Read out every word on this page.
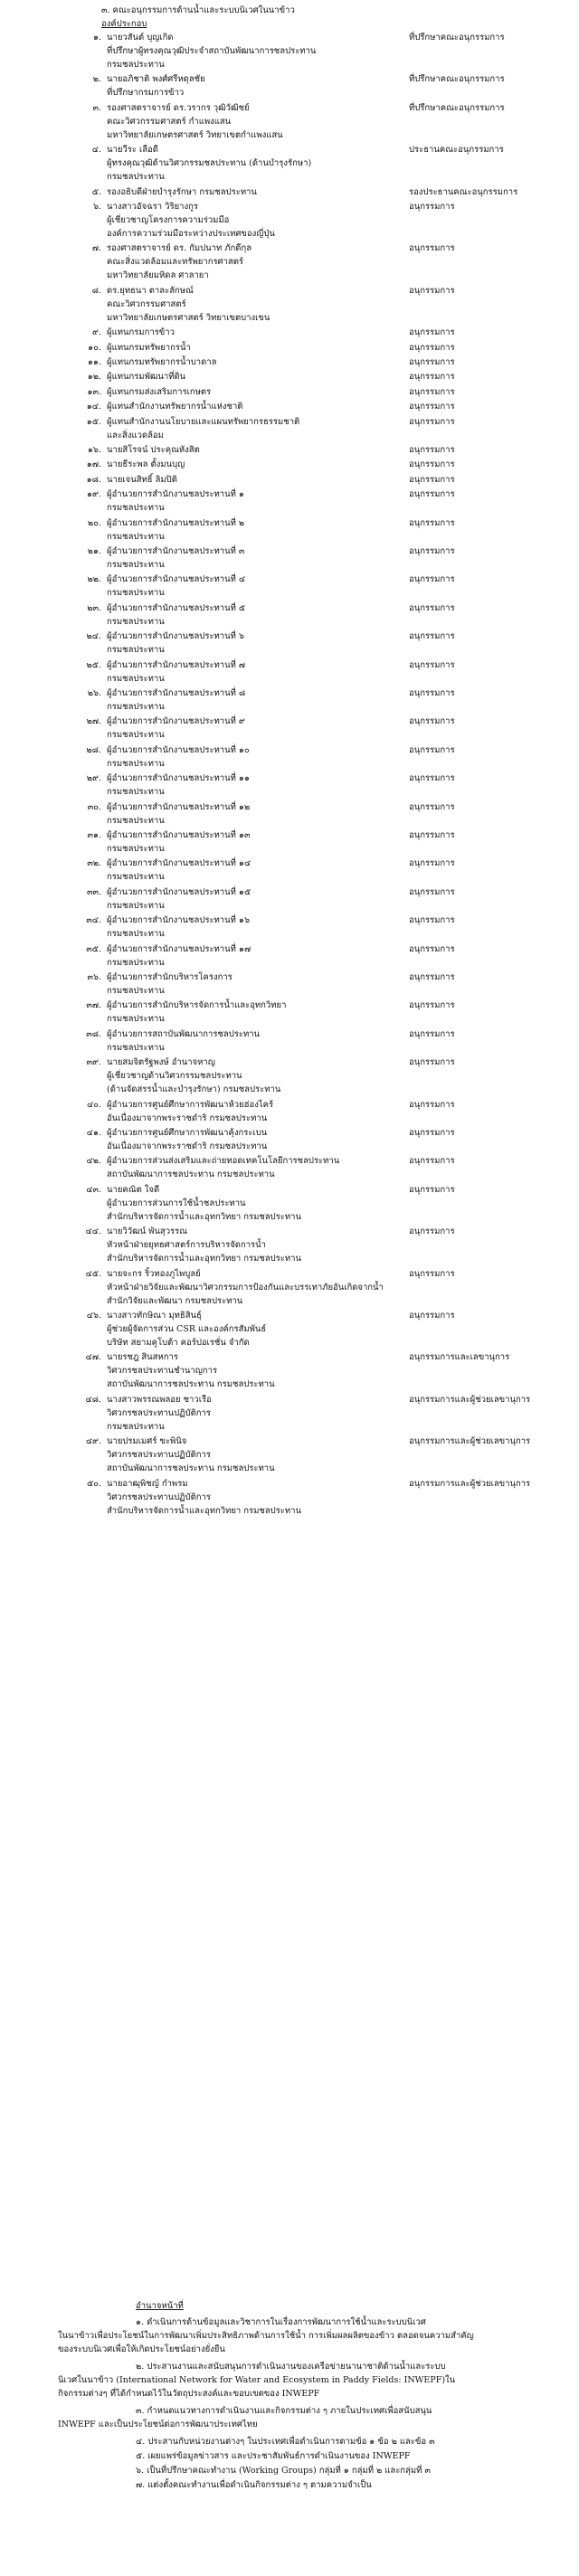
๓. คณะอนุกรรมการด้านน้ำและระบบนิเวศในนาข้าว
องค์ประกอบ
๑. นายวสันต์ บุญเกิด
ที่ปรึกษาผู้ทรงคุณวุฒิประจำสถาบันพัฒนาการชลประทาน
กรมชลประทาน
ที่ปรึกษาคณะอนุกรรมการ
๒. นายอภิชาติ พงศ์ศรีหดุลชัย
ที่ปรึกษากรมการข้าว
ที่ปรึกษาคณะอนุกรรมการ
๓. รองศาสตราจารย์ ดร.วรากร วุฒิวัฒิชย์
คณะวิศวกรรมศาสตร์ กำแพงแสน
มหาวิทยาลัยเกษตรศาสตร์ วิทยาเขตกำแพงแสน
ที่ปรึกษาคณะอนุกรรมการ
๔. นายวีระ เลือดี
ผู้ทรงคุณวุฒิด้านวิศวกรรมชลประทาน (ด้านบำรุงรักษา)
กรมชลประทาน
ประธานคณะอนุกรรมการ
๕. รองอธิบดีฝ่ายบำรุงรักษา กรมชลประทาน	รองประธานคณะอนุกรรมการ
๖. นางสาวอัจฉรา วิริยางกูร
ผู้เชี่ยวชาญโครงการความร่วมมือ
องค์การความร่วมมือระหว่างประเทศของญี่ปุ่น
อนุกรรมการ
๗. รองศาสตราจารย์ ดร. กัมปนาท ภักดีกุล
คณะสิ่งแวดล้อมและทรัพยากรศาสตร์
มหาวิทยาลัยมหิดล ศาลายา
อนุกรรมการ
๘. ดร.ยุทธนา ตาละลักษณ์
คณะวิศวกรรมศาสตร์
มหาวิทยาลัยเกษตรศาสตร์ วิทยาเขตบางเขน
อนุกรรมการ
๙. ผู้แทนกรมการข้าว	อนุกรรมการ
๑๐. ผู้แทนกรมทรัพยากรน้ำ	อนุกรรมการ
๑๑. ผู้แทนกรมทรัพยากรน้ำบาดาล	อนุกรรมการ
๑๒. ผู้แทนกรมพัฒนาที่ดิน	อนุกรรมการ
๑๓. ผู้แทนกรมส่งเสริมการเกษตร	อนุกรรมการ
๑๔. ผู้แทนสำนักงานทรัพยากรน้ำแห่งชาติ	อนุกรรมการ
๑๕. ผู้แทนสำนักงานนโยบายและแผนทรัพยากรธรรมชาติ
และสิ่งแวดล้อม
อนุกรรมการ
๑๖. นายสิโรจน์ ประคุณหังสิต	อนุกรรมการ
๑๗. นายธีระพล ตั้งมนบุญ	อนุกรรมการ
๑๘. นายเจนสิทธิ์ ลิมปิติ	อนุกรรมการ
๑๙. ผู้อำนวยการสำนักงานชลประทานที่ ๑
กรมชลประทาน
อนุกรรมการ
๒๐. ผู้อำนวยการสำนักงานชลประทานที่ ๒
กรมชลประทาน
อนุกรรมการ
๒๑. ผู้อำนวยการสำนักงานชลประทานที่ ๓
กรมชลประทาน
อนุกรรมการ
๒๒. ผู้อำนวยการสำนักงานชลประทานที่ ๔
กรมชลประทาน
อนุกรรมการ
๒๓. ผู้อำนวยการสำนักงานชลประทานที่ ๕
กรมชลประทาน
อนุกรรมการ
๒๔. ผู้อำนวยการสำนักงานชลประทานที่ ๖
กรมชลประทาน
อนุกรรมการ
๒๕. ผู้อำนวยการสำนักงานชลประทานที่ ๗
กรมชลประทาน
อนุกรรมการ
๒๖. ผู้อำนวยการสำนักงานชลประทานที่ ๘
กรมชลประทาน
อนุกรรมการ
๒๗. ผู้อำนวยการสำนักงานชลประทานที่ ๙
กรมชลประทาน
อนุกรรมการ
๒๘. ผู้อำนวยการสำนักงานชลประทานที่ ๑๐
กรมชลประทาน
อนุกรรมการ
๒๙. ผู้อำนวยการสำนักงานชลประทานที่ ๑๑
กรมชลประทาน
อนุกรรมการ
๓๐. ผู้อำนวยการสำนักงานชลประทานที่ ๑๒
กรมชลประทาน
อนุกรรมการ
๓๑. ผู้อำนวยการสำนักงานชลประทานที่ ๑๓
กรมชลประทาน
อนุกรรมการ
๓๒. ผู้อำนวยการสำนักงานชลประทานที่ ๑๔
กรมชลประทาน
อนุกรรมการ
๓๓. ผู้อำนวยการสำนักงานชลประทานที่ ๑๕
กรมชลประทาน
อนุกรรมการ
๓๔. ผู้อำนวยการสำนักงานชลประทานที่ ๑๖
กรมชลประทาน
อนุกรรมการ
๓๕. ผู้อำนวยการสำนักงานชลประทานที่ ๑๗
กรมชลประทาน
อนุกรรมการ
๓๖. ผู้อำนวยการสำนักบริหารโครงการ
กรมชลประทาน
อนุกรรมการ
๓๗. ผู้อำนวยการสำนักบริหารจัดการน้ำและอุทกวิทยา
กรมชลประทาน
อนุกรรมการ
๓๘. ผู้อำนวยการสถาบันพัฒนาการชลประทาน
กรมชลประทาน
อนุกรรมการ
๓๙. นายสมจิตรัฐพงษ์ อำนาจหาญ
ผู้เชี่ยวชาญด้านวิศวกรรมชลประทาน
(ด้านจัดสรรน้ำและบำรุงรักษา) กรมชลประทาน
อนุกรรมการ
๔๐. ผู้อำนวยการศูนย์ศึกษาการพัฒนาห้วยฮ่องไคร้
อันเนื่องมาจากพระราชดำริ กรมชลประทาน
อนุกรรมการ
๔๑. ผู้อำนวยการศูนย์ศึกษาการพัฒนาคุ้งกระเบน
อันเนื่องมาจากพระราชดำริ กรมชลประทาน
อนุกรรมการ
๔๒. ผู้อำนวยการส่วนส่งเสริมและถ่ายทอดเทคโนโลยีการชลประทาน
สถาบันพัฒนาการชลประทาน กรมชลประทาน
อนุกรรมการ
๔๓. นายคณิต ใจดี
ผู้อำนวยการส่วนการใช้น้ำชลประทาน
สำนักบริหารจัดการน้ำและอุทกวิทยา กรมชลประทาน
อนุกรรมการ
๔๔. นายวิวัฒน์ พันสุวรรณ
หัวหน้าฝ่ายยุทธศาสตร์การบริหารจัดการน้ำ
สำนักบริหารจัดการน้ำและอุทกวิทยา กรมชลประทาน
อนุกรรมการ
๔๕. นายจะกร ริ้วทองภูไพบูลย์
หัวหน้าฝ่ายวิจัยและพัฒนาวิศวกรรมการป้องกันและบรรเทาภัยอันเกิดจากน้ำ
สำนักวิจัยและพัฒนา กรมชลประทาน
อนุกรรมการ
๔๖. นางสาวทักษิณา มุทธิสินธุ์
ผู้ช่วยผู้จัดการส่วน CSR และองค์กรสัมพันธ์
บริษัท สยามคูโบต้า คอร์ปอเรชั่น จำกัด
อนุกรรมการ
๔๗. นายรชฎ สินสหการ
วิศวกรชลประทานชำนาญการ
สถาบันพัฒนาการชลประทาน กรมชลประทาน
อนุกรรมการและเลขานุการ
๔๘. นางสาวพรรณพลอย ชาวเรือ
วิศวกรชลประทานปฏิบัติการ
กรมชลประทาน
อนุกรรมการและผู้ช่วยเลขานุการ
๔๙. นายปรมเมศร์ ขะพินิจ
วิศวกรชลประทานปฏิบัติการ
สถาบันพัฒนาการชลประทาน กรมชลประทาน
อนุกรรมการและผู้ช่วยเลขานุการ
๕๐. นายอาฒุพิชญ์ กำพรม
วิศวกรชลประทานปฏิบัติการ
สำนักบริหารจัดการน้ำและอุทกวิทยา กรมชลประทาน
อนุกรรมการและผู้ช่วยเลขานุการ
อำนาจหน้าที่
๑. ดำเนินการด้านข้อมูลและวิชาการในเรื่องการพัฒนาการใช้น้ำและระบบนิเวศ
ในนาข้าวเพื่อประโยชน์ในการพัฒนาเพิ่มประสิทธิภาพด้านการใช้น้ำ การเพิ่มผลผลิตของข้าว ตลอดจนความสำคัญ
ของระบบนิเวศเพื่อให้เกิดประโยชน์อย่างยั่งยืน
๒. ประสานงานและสนับสนุนการดำเนินงานของเครือข่ายนานาชาติด้านน้ำและระบบ
นิเวศในนาข้าว (International Network for Water and Ecosystem in Paddy Fields: INWEPF)ใน
กิจกรรมต่างๆ ที่ได้กำหนดไว้ในวัตถุประสงค์และขอบเขตของ INWEPF
๓. กำหนดแนวทางการดำเนินงานและกิจกรรมต่าง ๆ ภายในประเทศเพื่อสนับสนุน
INWEPF และเป็นประโยชน์ต่อการพัฒนาประเทศไทย
๔. ประสานกับหน่วยงานต่างๆ ในประเทศเพื่อดำเนินการตามข้อ ๑ ข้อ ๒ และข้อ ๓
๕. เผยแพร่ข้อมูลข่าวสาร และประชาสัมพันธ์การดำเนินงานของ INWEPF
๖. เป็นที่ปรึกษาคณะทำงาน (Working Groups) กลุ่มที่ ๑ กลุ่มที่ ๒ และกลุ่มที่ ๓
๗. แต่งตั้งคณะทำงานเพื่อดำเนินกิจกรรมต่าง ๆ ตามความจำเป็น
